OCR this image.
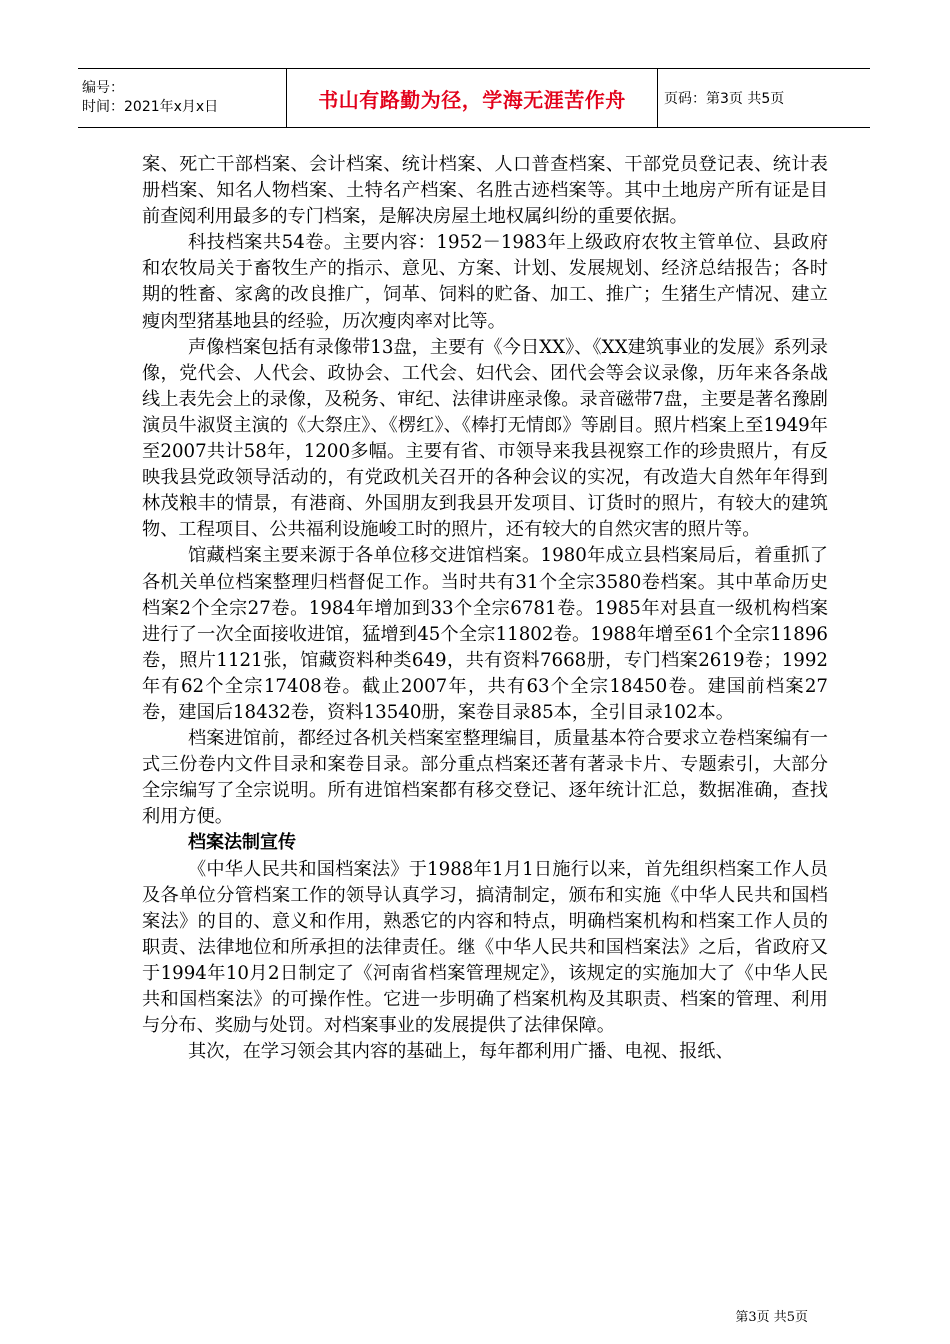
编号：
时间：2021年x月x日	书山有路勤为径，学海无涯苦作舟	页码：第3页 共5页

案、死亡干部档案、会计档案、统计档案、人口普查档案、干部党员登记表、统计表册档案、知名人物档案、土特名产档案、名胜古迹档案等。其中土地房产所有证是目前查阅利用最多的专门档案，是解决房屋土地权属纠纷的重要依据。

科技档案共54卷。主要内容：1952－1983年上级政府农牧主管单位、县政府和农牧局关于畜牧生产的指示、意见、方案、计划、发展规划、经济总结报告；各时期的牲畜、家禽的改良推广，饲革、饲料的贮备、加工、推广；生猪生产情况、建立瘦肉型猪基地县的经验，历次瘦肉率对比等。

声像档案包括有录像带13盘，主要有《今日XX》、《XX建筑事业的发展》系列录像，党代会、人代会、政协会、工代会、妇代会、团代会等会议录像，历年来各条战线上表先会上的录像，及税务、审纪、法律讲座录像。录音磁带7盘，主要是著名豫剧演员牛淑贤主演的《大祭庄》、《楞红》、《棒打无情郎》等剧目。照片档案上至1949年至2007共计58年，1200多幅。主要有省、市领导来我县视察工作的珍贵照片，有反映我县党政领导活动的，有党政机关召开的各种会议的实况，有改造大自然年年得到林茂粮丰的情景，有港商、外国朋友到我县开发项目、订货时的照片，有较大的建筑物、工程项目、公共福利设施峻工时的照片，还有较大的自然灾害的照片等。

馆藏档案主要来源于各单位移交进馆档案。1980年成立县档案局后，着重抓了各机关单位档案整理归档督促工作。当时共有31个全宗3580卷档案。其中革命历史档案2个全宗27卷。1984年增加到33个全宗6781卷。1985年对县直一级机构档案进行了一次全面接收进馆，猛增到45个全宗11802卷。1988年增至61个全宗11896卷，照片1121张，馆藏资料种类649，共有资料7668册，专门档案2619卷；1992年有62个全宗17408卷。截止2007年，共有63个全宗18450卷。建国前档案27卷，建国后18432卷，资料13540册，案卷目录85本，全引目录102本。

档案进馆前，都经过各机关档案室整理编目，质量基本符合要求立卷档案编有一式三份卷内文件目录和案卷目录。部分重点档案还著有著录卡片、专题索引，大部分全宗编写了全宗说明。所有进馆档案都有移交登记、逐年统计汇总，数据准确，查找利用方便。

档案法制宣传

《中华人民共和国档案法》于1988年1月1日施行以来，首先组织档案工作人员及各单位分管档案工作的领导认真学习，搞清制定，颁布和实施《中华人民共和国档案法》的目的、意义和作用，熟悉它的内容和特点，明确档案机构和档案工作人员的职责、法律地位和所承担的法律责任。继《中华人民共和国档案法》之后，省政府又于1994年10月2日制定了《河南省档案管理规定》，该规定的实施加大了《中华人民共和国档案法》的可操作性。它进一步明确了档案机构及其职责、档案的管理、利用与分布、奖励与处罚。对档案事业的发展提供了法律保障。

其次，在学习领会其内容的基础上，每年都利用广播、电视、报纸、

第3页 共5页
